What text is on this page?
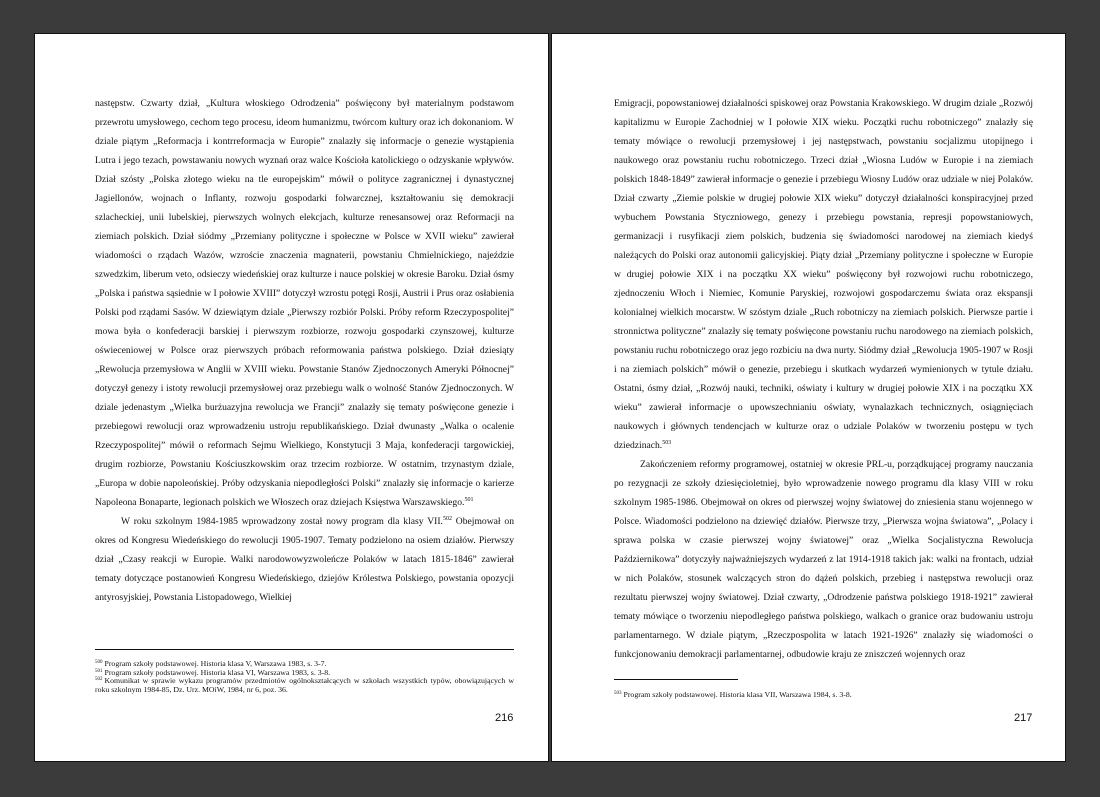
następstw. Czwarty dział, „Kultura włoskiego Odrodzenia” poświęcony był materialnym podstawom przewrotu umysłowego, cechom tego procesu, ideom humanizmu, twórcom kultury oraz ich dokonaniom. W dziale piątym „Reformacja i kontrreformacja w Europie” znalazły się informacje o genezie wystąpienia Lutra i jego tezach, powstawaniu nowych wyznań oraz walce Kościoła katolickiego o odzyskanie wpływów. Dział szósty „Polska złotego wieku na tle europejskim” mówił o polityce zagranicznej i dynastycznej Jagiellonów, wojnach o Inflanty, rozwoju gospodarki folwarcznej, kształtowaniu się demokracji szlacheckiej, unii lubelskiej, pierwszych wolnych elekcjach, kulturze renesansowej oraz Reformacji na ziemiach polskich. Dział siódmy „Przemiany polityczne i społeczne w Polsce w XVII wieku” zawierał wiadomości o rządach Wazów, wzroście znaczenia magnaterii, powstaniu Chmielnickiego, najeździe szwedzkim, liberum veto, odsieczy wiedeńskiej oraz kulturze i nauce polskiej w okresie Baroku. Dział ósmy „Polska i państwa sąsiednie w I połowie XVIII” dotyczył wzrostu potęgi Rosji, Austrii i Prus oraz osłabienia Polski pod rządami Sasów. W dziewiątym dziale „Pierwszy rozbiór Polski. Próby reform Rzeczypospolitej” mowa była o konfederacji barskiej i pierwszym rozbiorze, rozwoju gospodarki czynszowej, kulturze oświeceniowej w Polsce oraz pierwszych próbach reformowania państwa polskiego. Dział dziesiąty „Rewolucja przemysłowa w Anglii w XVIII wieku. Powstanie Stanów Zjednoczonych Ameryki Północnej” dotyczył genezy i istoty rewolucji przemysłowej oraz przebiegu walk o wolność Stanów Zjednoczonych. W dziale jedenastym „Wielka burżuazyjna rewolucja we Francji” znalazły się tematy poświęcone genezie i przebiegowi rewolucji oraz wprowadzeniu ustroju republikańskiego. Dział dwunasty „Walka o ocalenie Rzeczypospolitej” mówił o reformach Sejmu Wielkiego, Konstytucji 3 Maja, konfederacji targowickiej, drugim rozbiorze, Powstaniu Kościuszkowskim oraz trzecim rozbiorze. W ostatnim, trzynastym dziale, „Europa w dobie napoleońskiej. Próby odzyskania niepodległości Polski” znalazły się informacje o karierze Napoleona Bonaparte, legionach polskich we Włoszech oraz dziejach Księstwa Warszawskiego.$^{501}$

W roku szkolnym 1984-1985 wprowadzony został nowy program dla klasy VII.$^{502}$ Obejmował on okres od Kongresu Wiedeńskiego do rewolucji 1905-1907. Tematy podzielono na osiem działów. Pierwszy dział „Czasy reakcji w Europie. Walki narodowowyzwoleńcze Polaków w latach 1815-1846” zawierał tematy dotyczące postanowień Kongresu Wiedeńskiego, dziejów Królestwa Polskiego, powstania opozycji antyrosyjskiej, Powstania Listopadowego, Wielkiej

$^{500}$ Program szkoły podstawowej. Historia klasa V, Warszawa 1983, s. 3-7.

$^{501}$ Program szkoły podstawowej. Historia klasa VI, Warszawa 1983, s. 3-8.

$^{502}$ Komunikat w sprawie wykazu programów przedmiotów ogólnokształcących w szkołach wszystkich typów, obowiązujących w roku szkolnym 1984-85, Dz. Urz. MOiW, 1984, nr 6, poz. 36.

216

Emigracji, popowstaniowej działalności spiskowej oraz Powstania Krakowskiego. W drugim dziale „Rozwój kapitalizmu w Europie Zachodniej w I połowie XIX wieku. Początki ruchu robotniczego” znalazły się tematy mówiące o rewolucji przemysłowej i jej następstwach, powstaniu socjalizmu utopijnego i naukowego oraz powstaniu ruchu robotniczego. Trzeci dział „Wiosna Ludów w Europie i na ziemiach polskich 1848-1849” zawierał informacje o genezie i przebiegu Wiosny Ludów oraz udziale w niej Polaków. Dział czwarty „Ziemie polskie w drugiej połowie XIX wieku” dotyczył działalności konspiracyjnej przed wybuchem Powstania Styczniowego, genezy i przebiegu powstania, represji popowstaniowych, germanizacji i rusyfikacji ziem polskich, budzenia się świadomości narodowej na ziemiach kiedyś należących do Polski oraz autonomii galicyjskiej. Piąty dział „Przemiany polityczne i społeczne w Europie w drugiej połowie XIX i na początku XX wieku” poświęcony był rozwojowi ruchu robotniczego, zjednoczeniu Włoch i Niemiec, Komunie Paryskiej, rozwojowi gospodarczemu świata oraz ekspansji kolonialnej wielkich mocarstw. W szóstym dziale „Ruch robotniczy na ziemiach polskich. Pierwsze partie i stronnictwa polityczne” znalazły się tematy poświęcone powstaniu ruchu narodowego na ziemiach polskich, powstaniu ruchu robotniczego oraz jego rozbiciu na dwa nurty. Siódmy dział „Rewolucja 1905-1907 w Rosji i na ziemiach polskich” mówił o genezie, przebiegu i skutkach wydarzeń wymienionych w tytule działu. Ostatni, ósmy dział, „Rozwój nauki, techniki, oświaty i kultury w drugiej połowie XIX i na początku XX wieku” zawierał informacje o upowszechnianiu oświaty, wynalazkach technicznych, osiągnięciach naukowych i głównych tendencjach w kulturze oraz o udziale Polaków w tworzeniu postępu w tych dziedzinach.$^{503}$

Zakończeniem reformy programowej, ostatniej w okresie PRL-u, porządkującej programy nauczania po rezygnacji ze szkoły dziesięcioletniej, było wprowadzenie nowego programu dla klasy VIII w roku szkolnym 1985-1986. Obejmował on okres od pierwszej wojny światowej do zniesienia stanu wojennego w Polsce. Wiadomości podzielono na dziewięć działów. Pierwsze trzy, „Pierwsza wojna światowa”, „Polacy i sprawa polska w czasie pierwszej wojny światowej” oraz „Wielka Socjalistyczna Rewolucja Październikowa” dotyczyły najważniejszych wydarzeń z lat 1914-1918 takich jak: walki na frontach, udział w nich Polaków, stosunek walczących stron do dążeń polskich, przebieg i następstwa rewolucji oraz rezultatu pierwszej wojny światowej. Dział czwarty, „Odrodzenie państwa polskiego 1918-1921” zawierał tematy mówiące o tworzeniu niepodległego państwa polskiego, walkach o granice oraz budowaniu ustroju parlamentarnego. W dziale piątym, „Rzeczpospolita w latach 1921-1926” znalazły się wiadomości o funkcjonowaniu demokracji parlamentarnej, odbudowie kraju ze zniszczeń wojennych oraz

$^{503}$ Program szkoły podstawowej. Historia klasa VII, Warszawa 1984, s. 3-8.

217
